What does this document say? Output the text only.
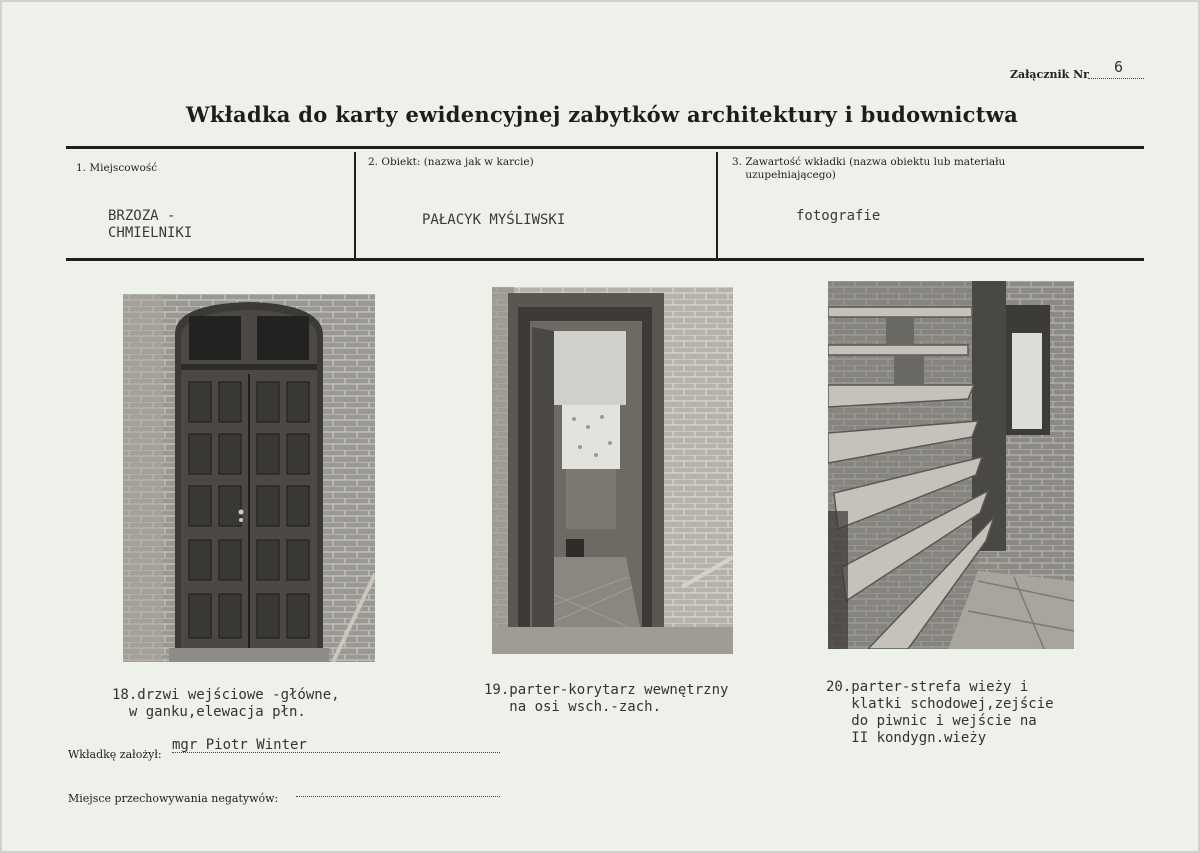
Załącznik Nr 6
Wkładka do karty ewidencyjnej zabytków architektury i budownictwa
1. Miejscowość
BRZOZA -
CHMIELNIKI
2. Obiekt: (nazwa jak w karcie)
PAŁACYK MYŚLIWSKI
3. Zawartość wkładki (nazwa obiektu lub materiału
uzupełniającego)
fotografie
18.drzwi wejściowe -główne,
w ganku,elewacja płn.
19.parter-korytarz wewnętrzny
na osi wsch.-zach.
20.parter-strefa wieży i
klatki schodowej,zejście
do piwnic i wejście na
II kondygn.wieży
Wkładkę założył:
mgr Piotr Winter
Miejsce przechowywania negatywów:
